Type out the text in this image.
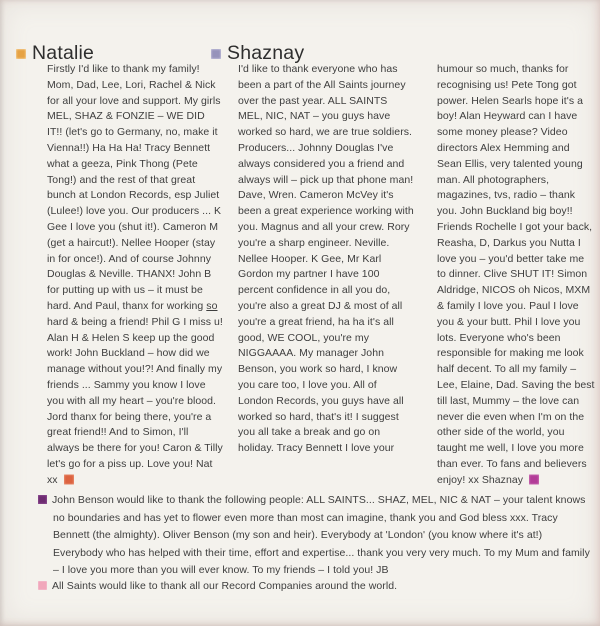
Natalie	Shaznay

Firstly I'd like to thank my family! Mom, Dad, Lee, Lori, Rachel & Nick for all your love and support. My girls MEL, SHAZ & FONZIE – WE DID IT!! (let's go to Germany, no, make it Vienna!!) Ha Ha Ha! Tracy Bennett what a geeza, Pink Thong (Pete Tong!) and the rest of that great bunch at London Records, esp Juliet (Lulee!) love you. Our producers ... K Gee I love you (shut it!). Cameron M (get a haircut!). Nellee Hooper (stay in for once!). And of course Johnny Douglas & Neville. THANX! John B for putting up with us – it must be hard. And Paul, thanx for working so hard & being a friend! Phil G I miss u! Alan H & Helen S keep up the good work! John Buckland – how did we manage without you!?! And finally my friends ... Sammy you know I love you with all my heart – you're blood. Jord thanx for being there, you're a great friend!! And to Simon, I'll always be there for you! Caron & Tilly let's go for a piss up. Love you! Nat xx

I'd like to thank everyone who has been a part of the All Saints journey over the past year. ALL SAINTS MEL, NIC, NAT – you guys have worked so hard, we are true soldiers. Producers... Johnny Douglas I've always considered you a friend and always will – pick up that phone man! Dave, Wren. Cameron McVey it's been a great experience working with you. Magnus and all your crew. Rory you're a sharp engineer. Neville. Nellee Hooper. K Gee, Mr Karl Gordon my partner I have 100 percent confidence in all you do, you're also a great DJ & most of all you're a great friend, ha ha it's all good, WE COOL, you're my NIGGAAAA. My manager John Benson, you work so hard, I know you care too, I love you. All of London Records, you guys have all worked so hard, that's it! I suggest you all take a break and go on holiday. Tracy Bennett I love your

humour so much, thanks for recognising us! Pete Tong got power. Helen Searls hope it's a boy! Alan Heyward can I have some money please? Video directors Alex Hemming and Sean Ellis, very talented young man. All photographers, magazines, tvs, radio – thank you. John Buckland big boy!! Friends Rochelle I got your back, Reasha, D, Darkus you Nutta I love you – you'd better take me to dinner. Clive SHUT IT! Simon Aldridge, NICOS oh Nicos, MXM & family I love you. Paul I love you & your butt. Phil I love you lots. Everyone who's been responsible for making me look half decent. To all my family – Lee, Elaine, Dad. Saving the best till last, Mummy – the love can never die even when I'm on the other side of the world, you taught me well, I love you more than ever. To fans and believers enjoy! xx Shaznay

John Benson would like to thank the following people: ALL SAINTS... SHAZ, MEL, NIC & NAT – your talent knows no boundaries and has yet to flower even more than most can imagine, thank you and God bless xxx. Tracy Bennett (the almighty). Oliver Benson (my son and heir). Everybody at 'London' (you know where it's at!) Everybody who has helped with their time, effort and expertise... thank you very very much. To my Mum and family – I love you more than you will ever know. To my friends – I told you! JB

All Saints would like to thank all our Record Companies around the world.
